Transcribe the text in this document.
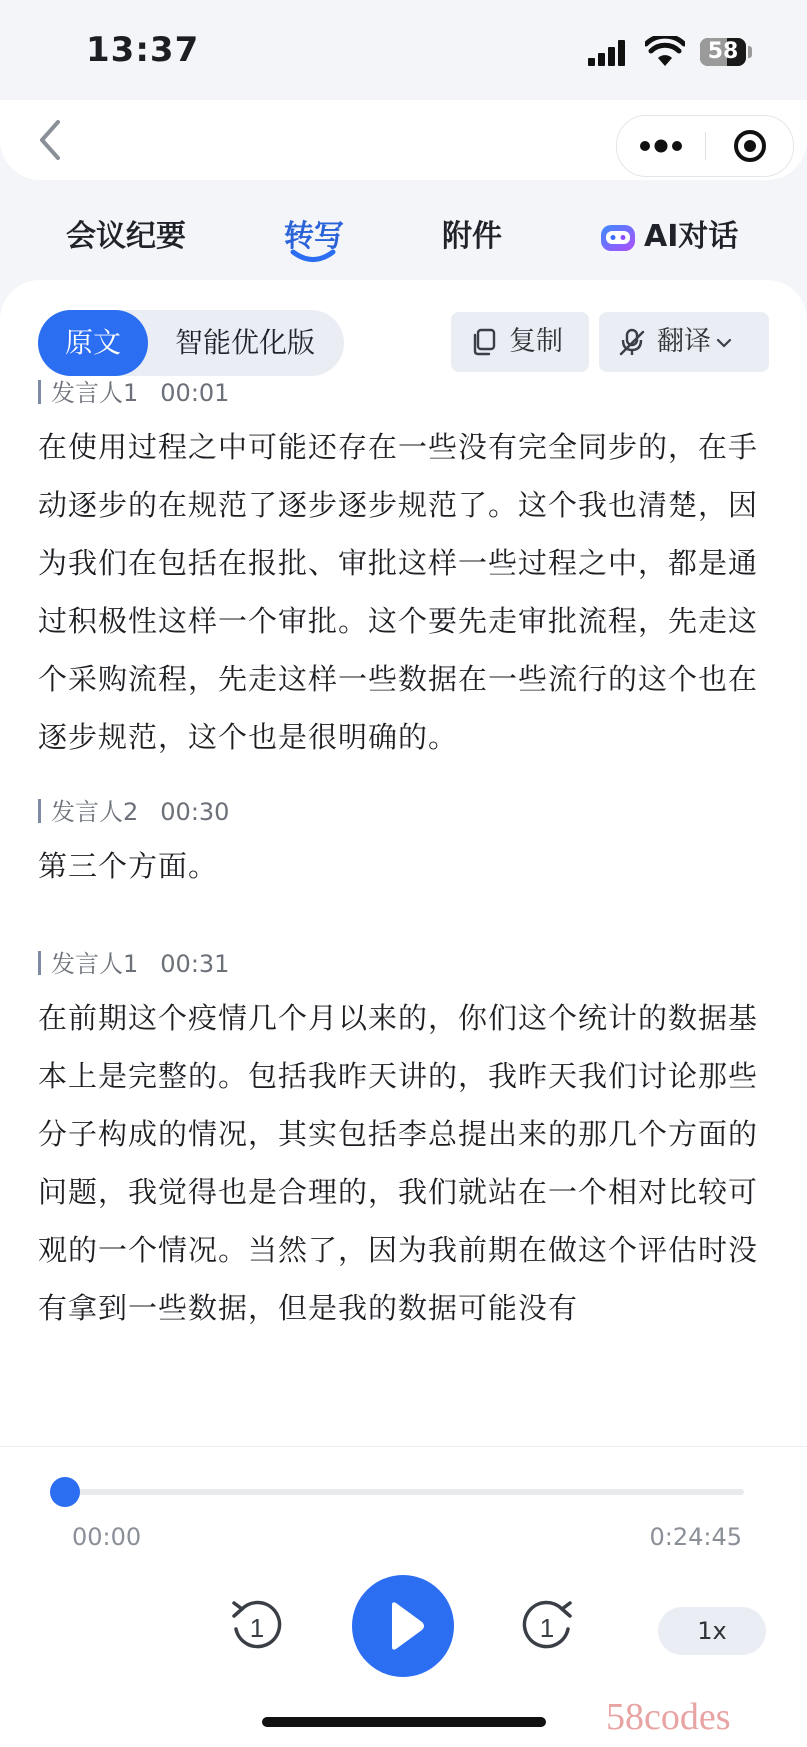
13:37	58
会议纪要	转写	附件	AI对话
原文	智能优化版	复制	翻译
发言人1 00:01
在使用过程之中可能还存在一些没有完全同步的，在手动逐步的在规范了逐步逐步规范了。这个我也清楚，因为我们在包括在报批、审批这样一些过程之中，都是通过积极性这样一个审批。这个要先走审批流程，先走这个采购流程，先走这样一些数据在一些流行的这个也在逐步规范，这个也是很明确的。
发言人2 00:30
第三个方面。
发言人1 00:31
在前期这个疫情几个月以来的，你们这个统计的数据基本上是完整的。包括我昨天讲的，我昨天我们讨论那些分子构成的情况，其实包括李总提出来的那几个方面的问题，我觉得也是合理的，我们就站在一个相对比较可观的一个情况。当然了，因为我前期在做这个评估时没有拿到一些数据，但是我的数据可能没有
00:00	0:24:45
1	1	1x
58codes
